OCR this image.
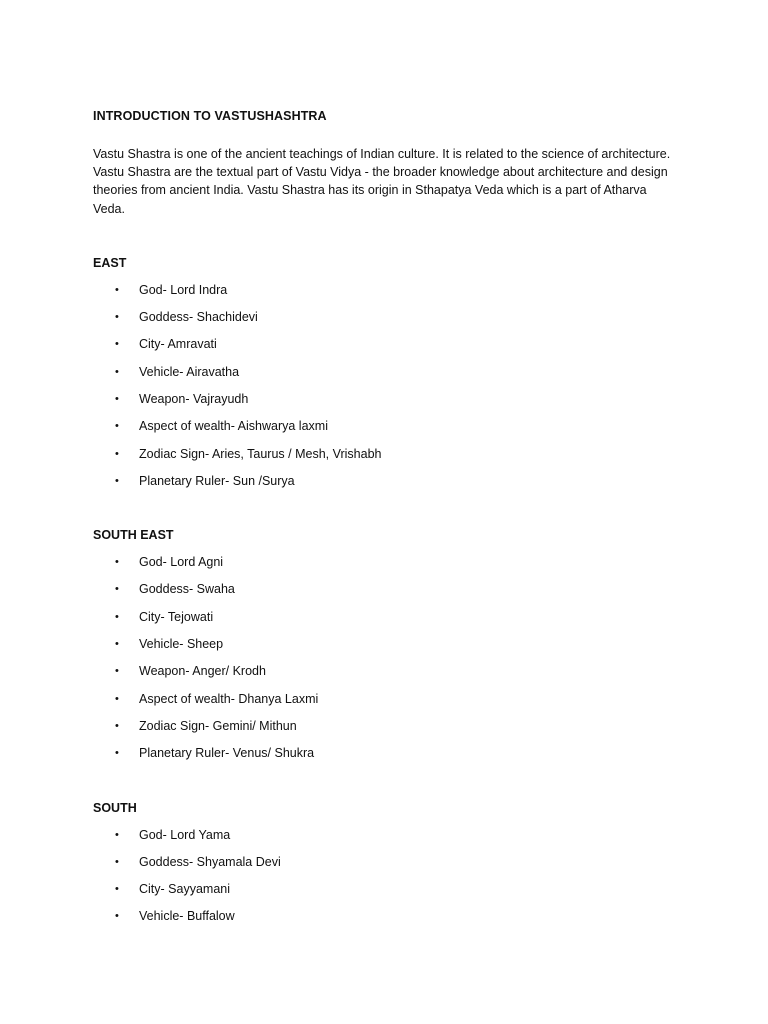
INTRODUCTION TO VASTUSHASHTRA
Vastu Shastra is one of the ancient teachings of Indian culture. It is related to the science of architecture. Vastu Shastra are the textual part of Vastu Vidya - the broader knowledge about architecture and design theories from ancient India. Vastu Shastra has its origin in Sthapatya Veda which is a part of Atharva Veda.
EAST
• God- Lord Indra
• Goddess- Shachidevi
• City- Amravati
• Vehicle- Airavatha
• Weapon- Vajrayudh
• Aspect of wealth- Aishwarya laxmi
• Zodiac Sign- Aries, Taurus / Mesh, Vrishabh
• Planetary Ruler- Sun /Surya
SOUTH EAST
• God- Lord Agni
• Goddess- Swaha
• City- Tejowati
• Vehicle- Sheep
• Weapon- Anger/ Krodh
• Aspect of wealth- Dhanya Laxmi
• Zodiac Sign- Gemini/ Mithun
• Planetary Ruler- Venus/ Shukra
SOUTH
• God- Lord Yama
• Goddess- Shyamala Devi
• City- Sayyamani
• Vehicle- Buffalow
